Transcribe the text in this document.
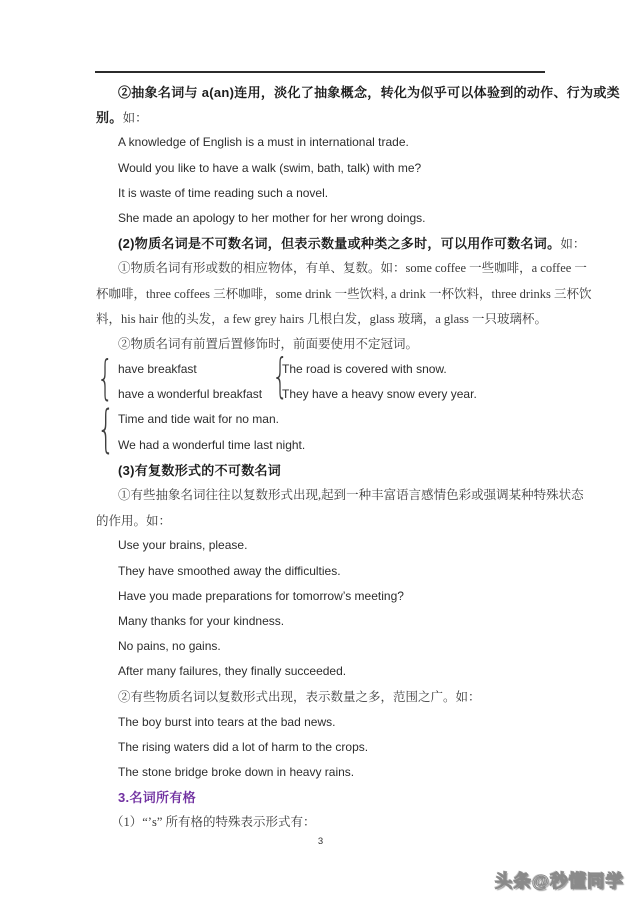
②抽象名词与 a(an)连用，淡化了抽象概念，转化为似乎可以体验到的动作、行为或类
别。如：
A knowledge of English is a must in international trade.
Would you like to have a walk (swim, bath, talk) with me?
It is waste of time reading such a novel.
She made an apology to her mother for her wrong doings.
(2)物质名词是不可数名词，但表示数量或种类之多时，可以用作可数名词。如：
①物质名词有形或数的相应物体，有单、复数。如：some coffee 一些咖啡，a coffee 一
杯咖啡，three coffees 三杯咖啡，some drink 一些饮料, a drink 一杯饮料，three drinks 三杯饮
料，his hair 他的头发，a few grey hairs 几根白发，glass 玻璃，a glass 一只玻璃杯。
②物质名词有前置后置修饰时，前面要使用不定冠词。
have breakfast	The road is covered with snow.
have a wonderful breakfast They have a heavy snow every year.
Time and tide wait for no man.
We had a wonderful time last night.
(3)有复数形式的不可数名词
①有些抽象名词往往以复数形式出现,起到一种丰富语言感情色彩或强调某种特殊状态
的作用。如：
Use your brains, please.
They have smoothed away the difficulties.
Have you made preparations for tomorrow’s meeting?
Many thanks for your kindness.
No pains, no gains.
After many failures, they finally succeeded.
②有些物质名词以复数形式出现，表示数量之多，范围之广。如：
The boy burst into tears at the bad news.
The rising waters did a lot of harm to the crops.
The stone bridge broke down in heavy rains.
3.名词所有格
（1）“’s” 所有格的特殊表示形式有：
{	{
{
3
头条@秒懂同学
